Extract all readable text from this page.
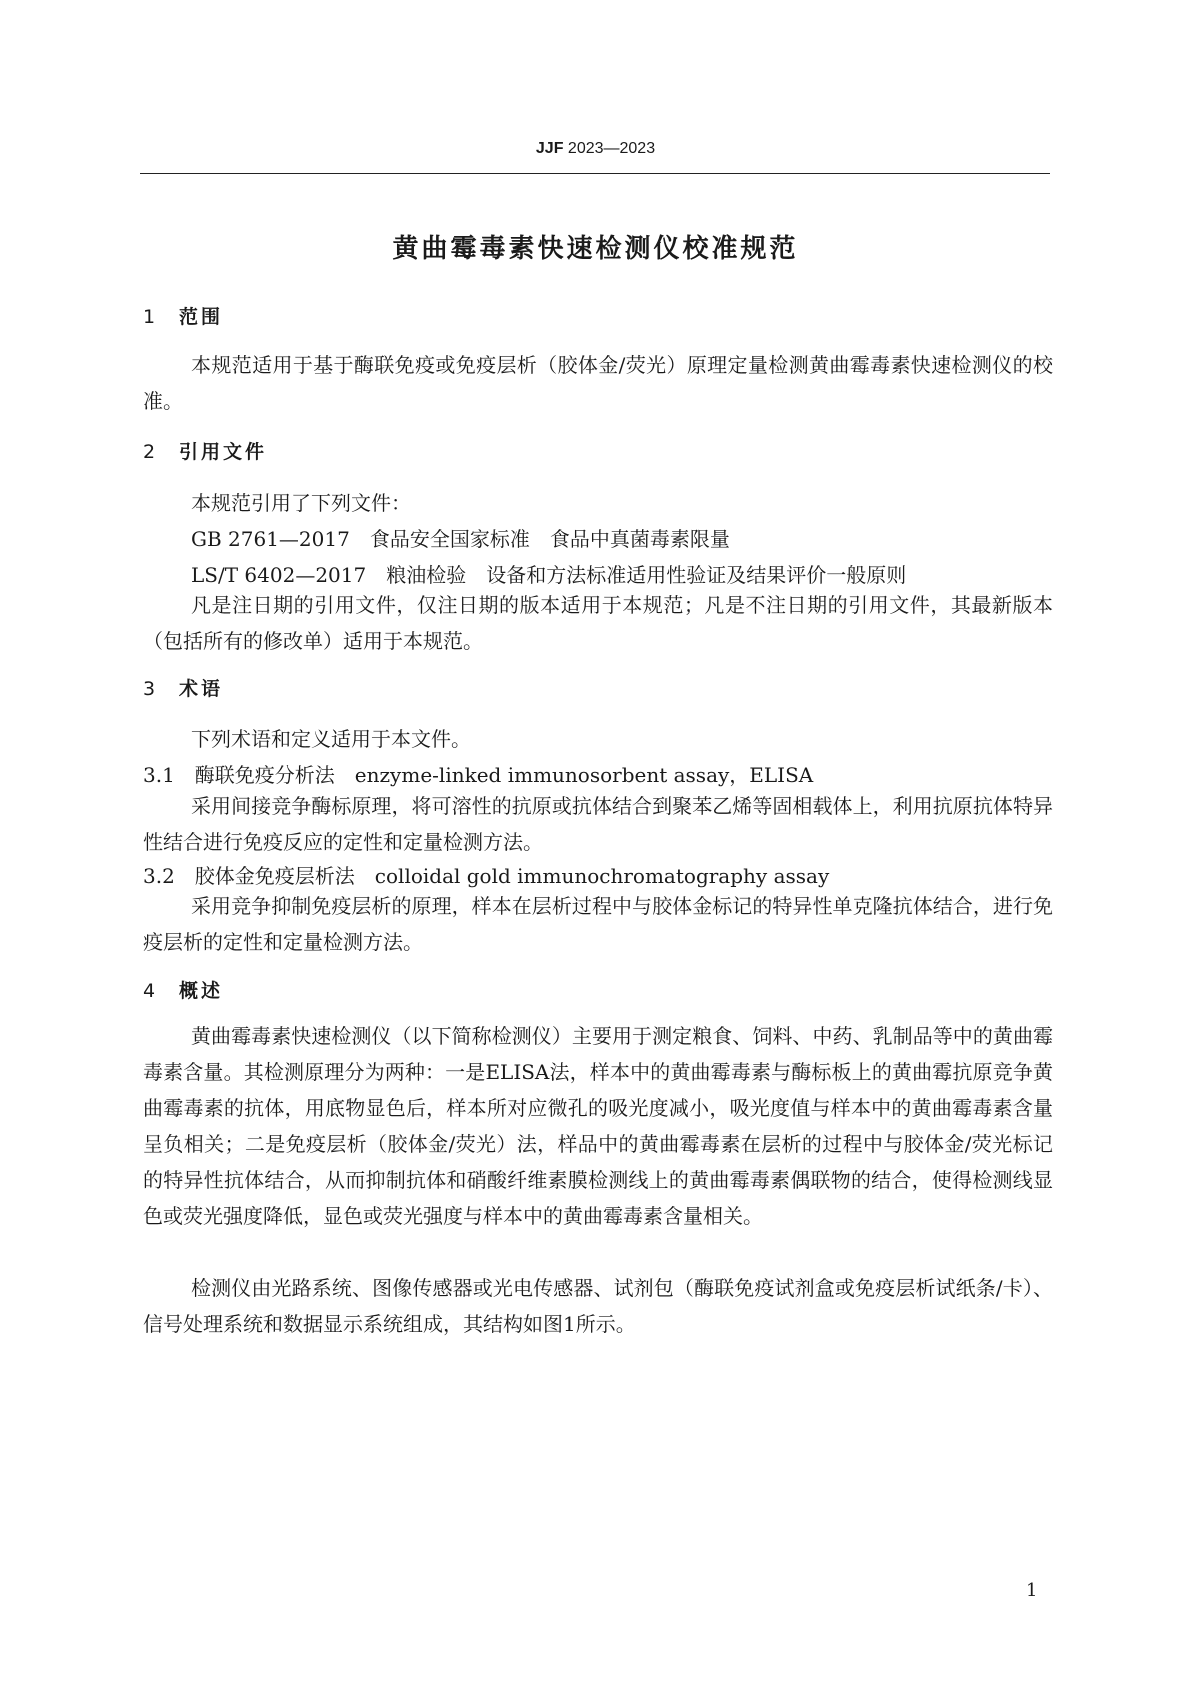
JJF 2023—2023
黄曲霉毒素快速检测仪校准规范
1 范围
本规范适用于基于酶联免疫或免疫层析（胶体金/荧光）原理定量检测黄曲霉毒素快速检测仪的校准。
2 引用文件
本规范引用了下列文件：
GB 2761—2017　食品安全国家标准　食品中真菌毒素限量
LS/T 6402—2017　粮油检验　设备和方法标准适用性验证及结果评价一般原则
凡是注日期的引用文件，仅注日期的版本适用于本规范；凡是不注日期的引用文件，其最新版本（包括所有的修改单）适用于本规范。
3 术语
下列术语和定义适用于本文件。
3.1　酶联免疫分析法　enzyme-linked immunosorbent assay，ELISA
采用间接竞争酶标原理，将可溶性的抗原或抗体结合到聚苯乙烯等固相载体上，利用抗原抗体特异性结合进行免疫反应的定性和定量检测方法。
3.2　胶体金免疫层析法　colloidal gold immunochromatography assay
采用竞争抑制免疫层析的原理，样本在层析过程中与胶体金标记的特异性单克隆抗体结合，进行免疫层析的定性和定量检测方法。
4 概述
黄曲霉毒素快速检测仪（以下简称检测仪）主要用于测定粮食、饲料、中药、乳制品等中的黄曲霉毒素含量。其检测原理分为两种：一是ELISA法，样本中的黄曲霉毒素与酶标板上的黄曲霉抗原竞争黄曲霉毒素的抗体，用底物显色后，样本所对应微孔的吸光度减小，吸光度值与样本中的黄曲霉毒素含量呈负相关；二是免疫层析（胶体金/荧光）法，样品中的黄曲霉毒素在层析的过程中与胶体金/荧光标记的特异性抗体结合，从而抑制抗体和硝酸纤维素膜检测线上的黄曲霉毒素偶联物的结合，使得检测线显色或荧光强度降低，显色或荧光强度与样本中的黄曲霉毒素含量相关。
检测仪由光路系统、图像传感器或光电传感器、试剂包（酶联免疫试剂盒或免疫层析试纸条/卡）、信号处理系统和数据显示系统组成，其结构如图1所示。
1
